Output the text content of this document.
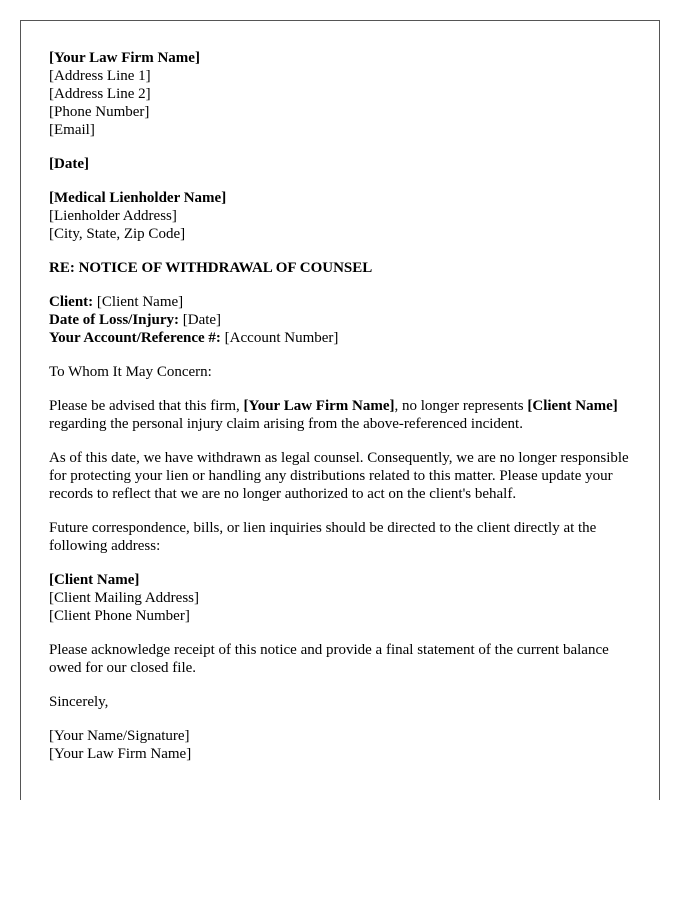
[Your Law Firm Name]
[Address Line 1]
[Address Line 2]
[Phone Number]
[Email]
[Date]
[Medical Lienholder Name]
[Lienholder Address]
[City, State, Zip Code]
RE: NOTICE OF WITHDRAWAL OF COUNSEL
Client: [Client Name]
Date of Loss/Injury: [Date]
Your Account/Reference #: [Account Number]

To Whom It May Concern:

Please be advised that this firm, [Your Law Firm Name], no longer represents [Client Name] regarding the personal injury claim arising from the above-referenced incident.

As of this date, we have withdrawn as legal counsel. Consequently, we are no longer responsible for protecting your lien or handling any distributions related to this matter. Please update your records to reflect that we are no longer authorized to act on the client's behalf.

Future correspondence, bills, or lien inquiries should be directed to the client directly at the following address:

[Client Name]
[Client Mailing Address]
[Client Phone Number]

Please acknowledge receipt of this notice and provide a final statement of the current balance owed for our closed file.

Sincerely,

[Your Name/Signature]
[Your Law Firm Name]
